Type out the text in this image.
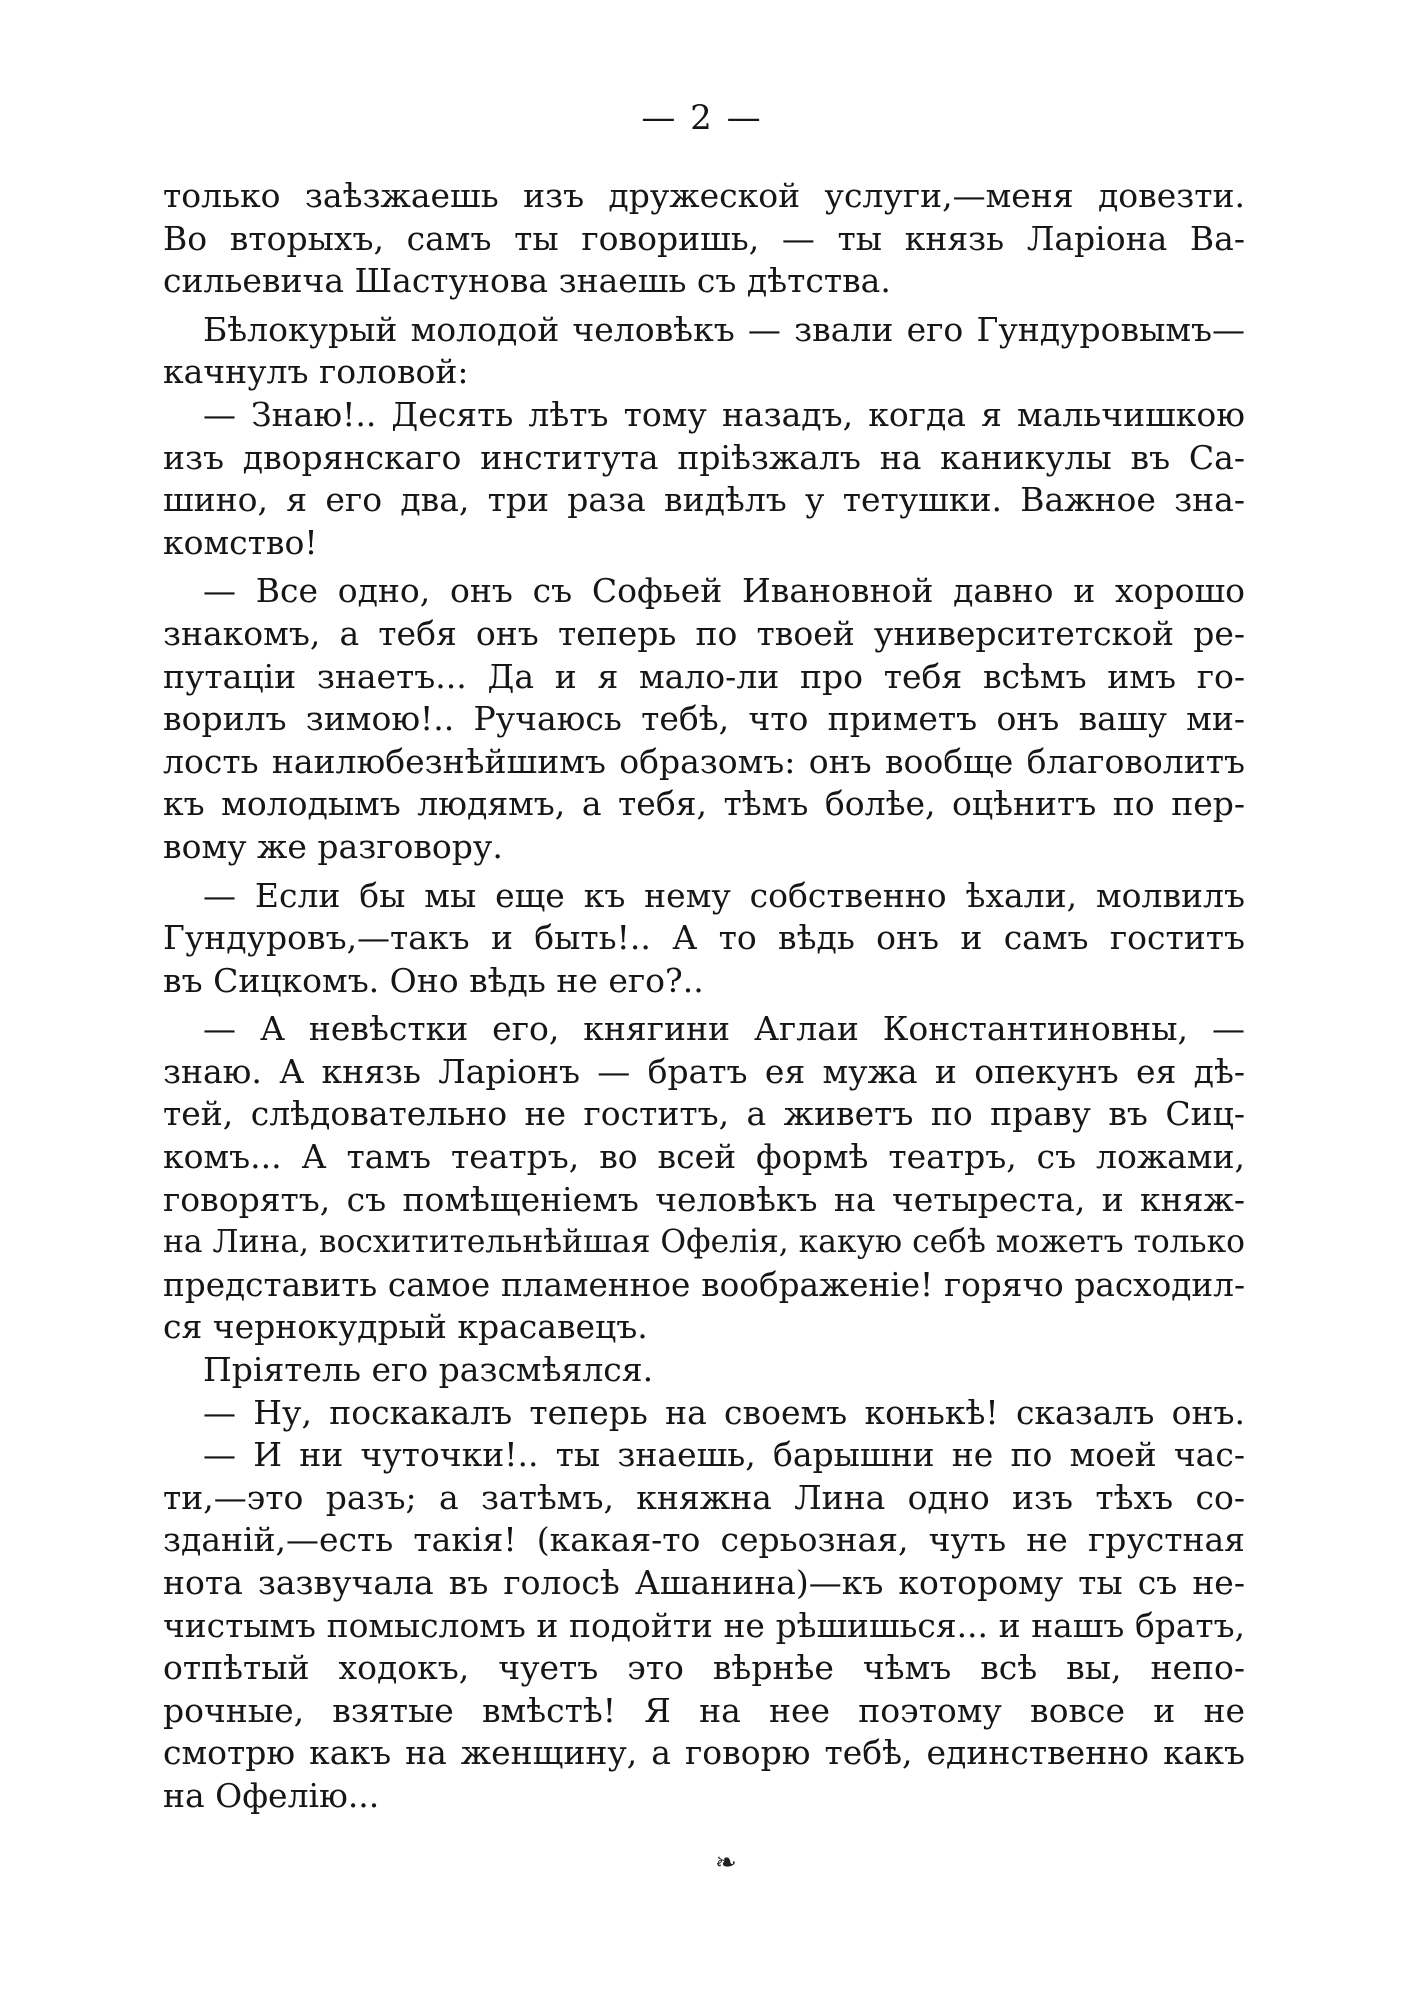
— 2 —
только заѣзжаешь изъ дружеской услуги,—меня довезти.
Во вторыхъ, самъ ты говоришь, — ты князь Ларіона Ва-
сильевича Шастунова знаешь съ дѣтства.
Бѣлокурый молодой человѣкъ — звали его Гундуровымъ—
качнулъ головой:
— Знаю!.. Десять лѣтъ тому назадъ, когда я мальчишкою
изъ дворянскаго института пріѣзжалъ на каникулы въ Са-
шино, я его два, три раза видѣлъ у тетушки. Важное зна-
комство!
— Все одно, онъ съ Софьей Ивановной давно и хорошо
знакомъ, а тебя онъ теперь по твоей университетской ре-
путаціи знаетъ... Да и я мало-ли про тебя всѣмъ имъ го-
ворилъ зимою!.. Ручаюсь тебѣ, что приметъ онъ вашу ми-
лость наилюбезнѣйшимъ образомъ: онъ вообще благоволитъ
къ молодымъ людямъ, а тебя, тѣмъ болѣе, оцѣнитъ по пер-
вому же разговору.
— Если бы мы еще къ нему собственно ѣхали, молвилъ
Гундуровъ,—такъ и быть!.. А то вѣдь онъ и самъ гоститъ
въ Сицкомъ. Оно вѣдь не его?..
— А невѣстки его, княгини Аглаи Константиновны, —
знаю. А князь Ларіонъ — братъ ея мужа и опекунъ ея дѣ-
тей, слѣдовательно не гоститъ, а живетъ по праву въ Сиц-
комъ... А тамъ театръ, во всей формѣ театръ, съ ложами,
говорятъ, съ помѣщеніемъ человѣкъ на четыреста, и княж-
на Лина, восхитительнѣйшая Офелія, какую себѣ можетъ только
представить самое пламенное воображеніе! горячо расходил-
ся чернокудрый красавецъ.
Пріятель его разсмѣялся.
— Ну, поскакалъ теперь на своемъ конькѣ! сказалъ онъ.
— И ни чуточки!.. ты знаешь, барышни не по моей час-
ти,—это разъ; а затѣмъ, княжна Лина одно изъ тѣхъ со-
зданій,—есть такія! (какая-то серьозная, чуть не грустная
нота зазвучала въ голосѣ Ашанина)—къ которому ты съ не-
чистымъ помысломъ и подойти не рѣшишься... и нашъ братъ,
отпѣтый ходокъ, чуетъ это вѣрнѣе чѣмъ всѣ вы, непо-
рочные, взятые вмѣстѣ! Я на нее поэтому вовсе и не
смотрю какъ на женщину, а говорю тебѣ, единственно какъ
на Офелію...
❧
